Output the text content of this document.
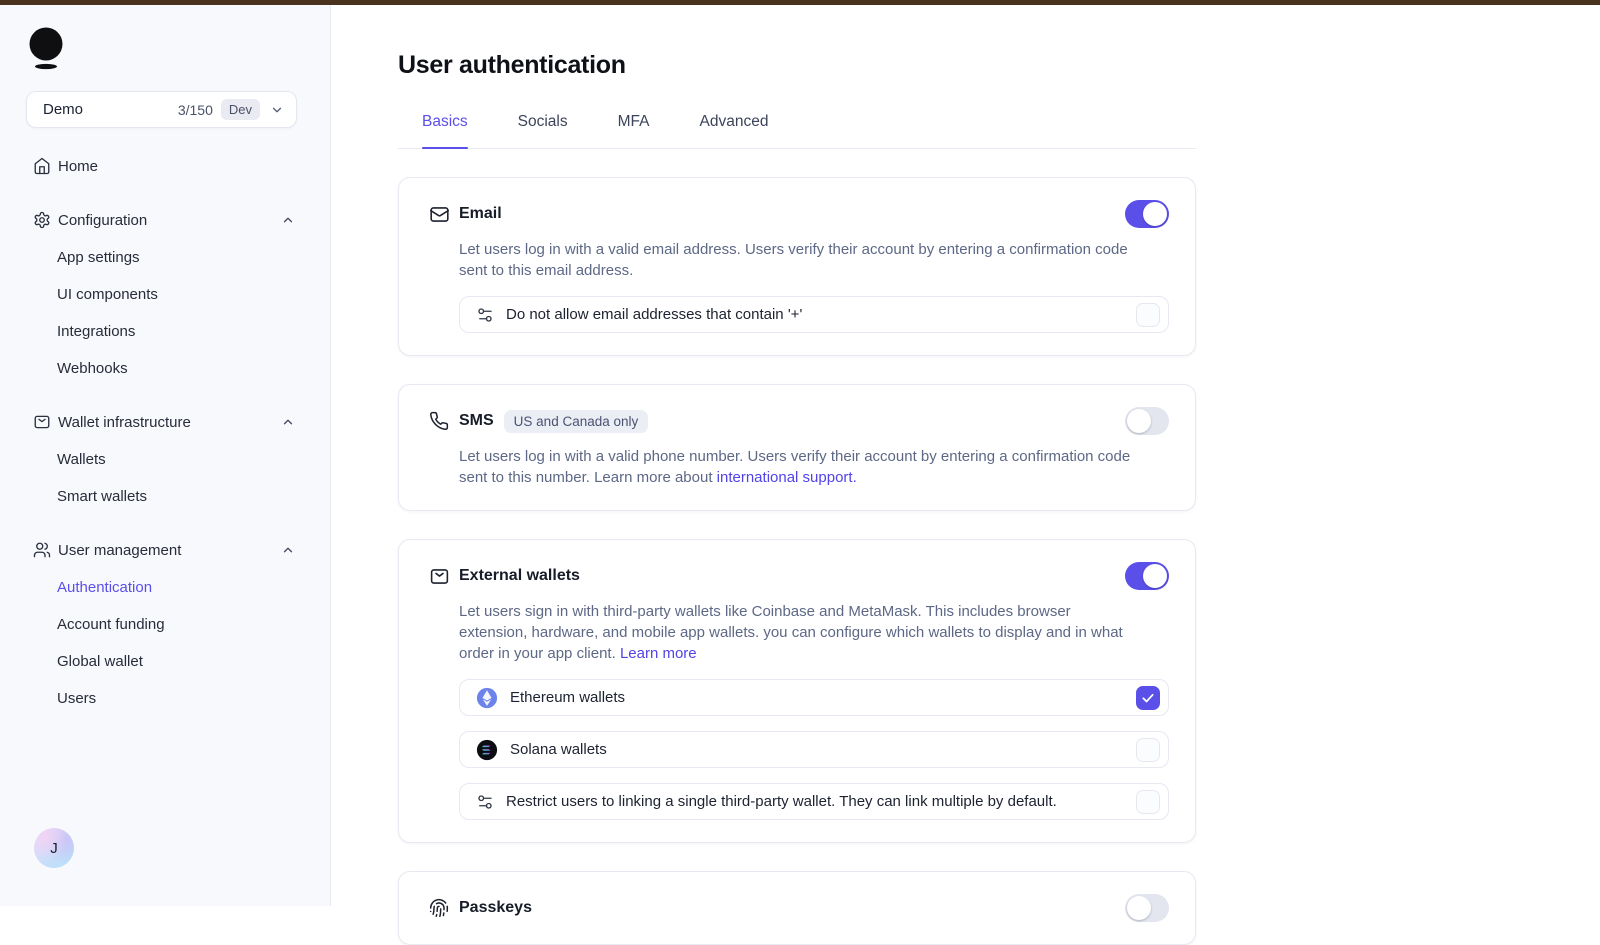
Demo	3/150	Dev
Home
Configuration
App settings
UI components
Integrations
Webhooks
Wallet infrastructure
Wallets
Smart wallets
User management
Authentication
Account funding
Global wallet
Users
J
User authentication
Basics	Socials	MFA	Advanced
Email

Let users log in with a valid email address. Users verify their account by entering a confirmation code sent to this email address.

Do not allow email addresses that contain '+'
SMS	US and Canada only

Let users log in with a valid phone number. Users verify their account by entering a confirmation code sent to this number. Learn more about international support.

External wallets

Let users sign in with third-party wallets like Coinbase and MetaMask. This includes browser extension, hardware, and mobile app wallets. you can configure which wallets to display and in what order in your app client. Learn more

Ethereum wallets
Solana wallets
Restrict users to linking a single third-party wallet. They can link multiple by default.
Passkeys
